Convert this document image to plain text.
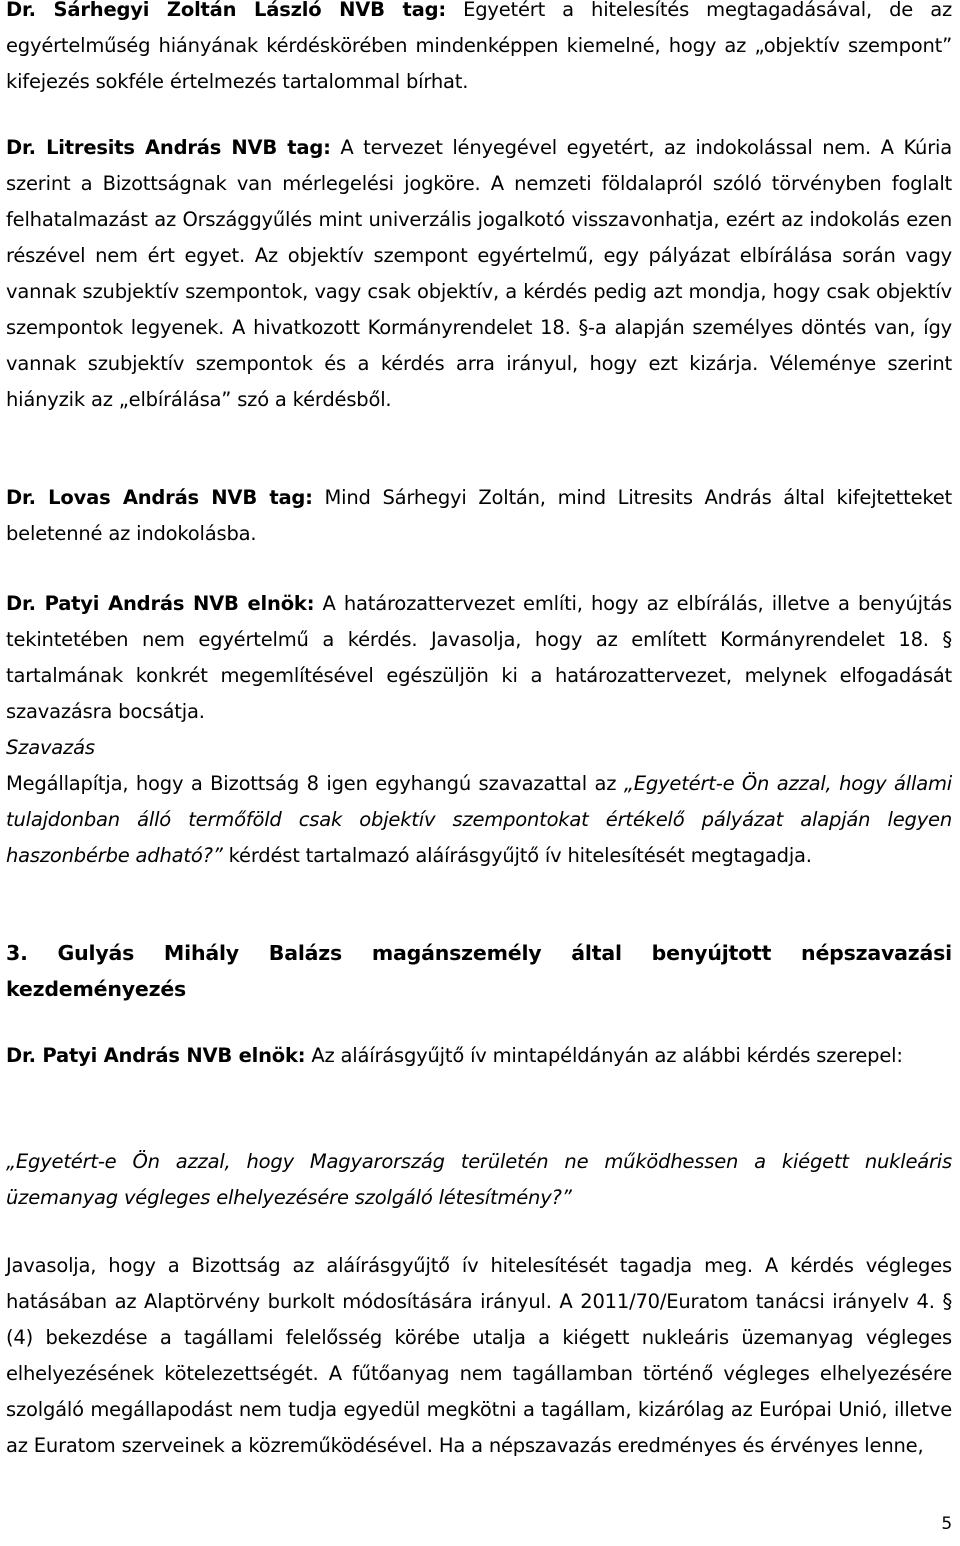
Dr. Sárhegyi Zoltán László NVB tag: Egyetért a hitelesítés megtagadásával, de az egyértelműség hiányának kérdéskörében mindenképpen kiemelné, hogy az „objektív szempont” kifejezés sokféle értelmezés tartalommal bírhat.

Dr. Litresits András NVB tag: A tervezet lényegével egyetért, az indokolással nem. A Kúria szerint a Bizottságnak van mérlegelési jogköre. A nemzeti földalapról szóló törvényben foglalt felhatalmazást az Országgyűlés mint univerzális jogalkotó visszavonhatja, ezért az indokolás ezen részével nem ért egyet. Az objektív szempont egyértelmű, egy pályázat elbírálása során vagy vannak szubjektív szempontok, vagy csak objektív, a kérdés pedig azt mondja, hogy csak objektív szempontok legyenek. A hivatkozott Kormányrendelet 18. §-a alapján személyes döntés van, így vannak szubjektív szempontok és a kérdés arra irányul, hogy ezt kizárja. Véleménye szerint hiányzik az „elbírálása” szó a kérdésből.

Dr. Lovas András NVB tag: Mind Sárhegyi Zoltán, mind Litresits András által kifejtetteket beletenné az indokolásba.

Dr. Patyi András NVB elnök: A határozattervezet említi, hogy az elbírálás, illetve a benyújtás tekintetében nem egyértelmű a kérdés. Javasolja, hogy az említett Kormányrendelet 18. § tartalmának konkrét megemlítésével egészüljön ki a határozattervezet, melynek elfogadását szavazásra bocsátja.

Szavazás

Megállapítja, hogy a Bizottság 8 igen egyhangú szavazattal az „Egyetért-e Ön azzal, hogy állami tulajdonban álló termőföld csak objektív szempontokat értékelő pályázat alapján legyen haszonbérbe adható?” kérdést tartalmazó aláírásgyűjtő ív hitelesítését megtagadja.

3. Gulyás Mihály Balázs magánszemély által benyújtott népszavazási kezdeményezés

Dr. Patyi András NVB elnök: Az aláírásgyűjtő ív mintapéldányán az alábbi kérdés szerepel:

„Egyetért-e Ön azzal, hogy Magyarország területén ne működhessen a kiégett nukleáris üzemanyag végleges elhelyezésére szolgáló létesítmény?”

Javasolja, hogy a Bizottság az aláírásgyűjtő ív hitelesítését tagadja meg. A kérdés végleges hatásában az Alaptörvény burkolt módosítására irányul. A 2011/70/Euratom tanácsi irányelv 4. § (4) bekezdése a tagállami felelősség körébe utalja a kiégett nukleáris üzemanyag végleges elhelyezésének kötelezettségét. A fűtőanyag nem tagállamban történő végleges elhelyezésére szolgáló megállapodást nem tudja egyedül megkötni a tagállam, kizárólag az Európai Unió, illetve az Euratom szerveinek a közreműködésével. Ha a népszavazás eredményes és érvényes lenne,

5
